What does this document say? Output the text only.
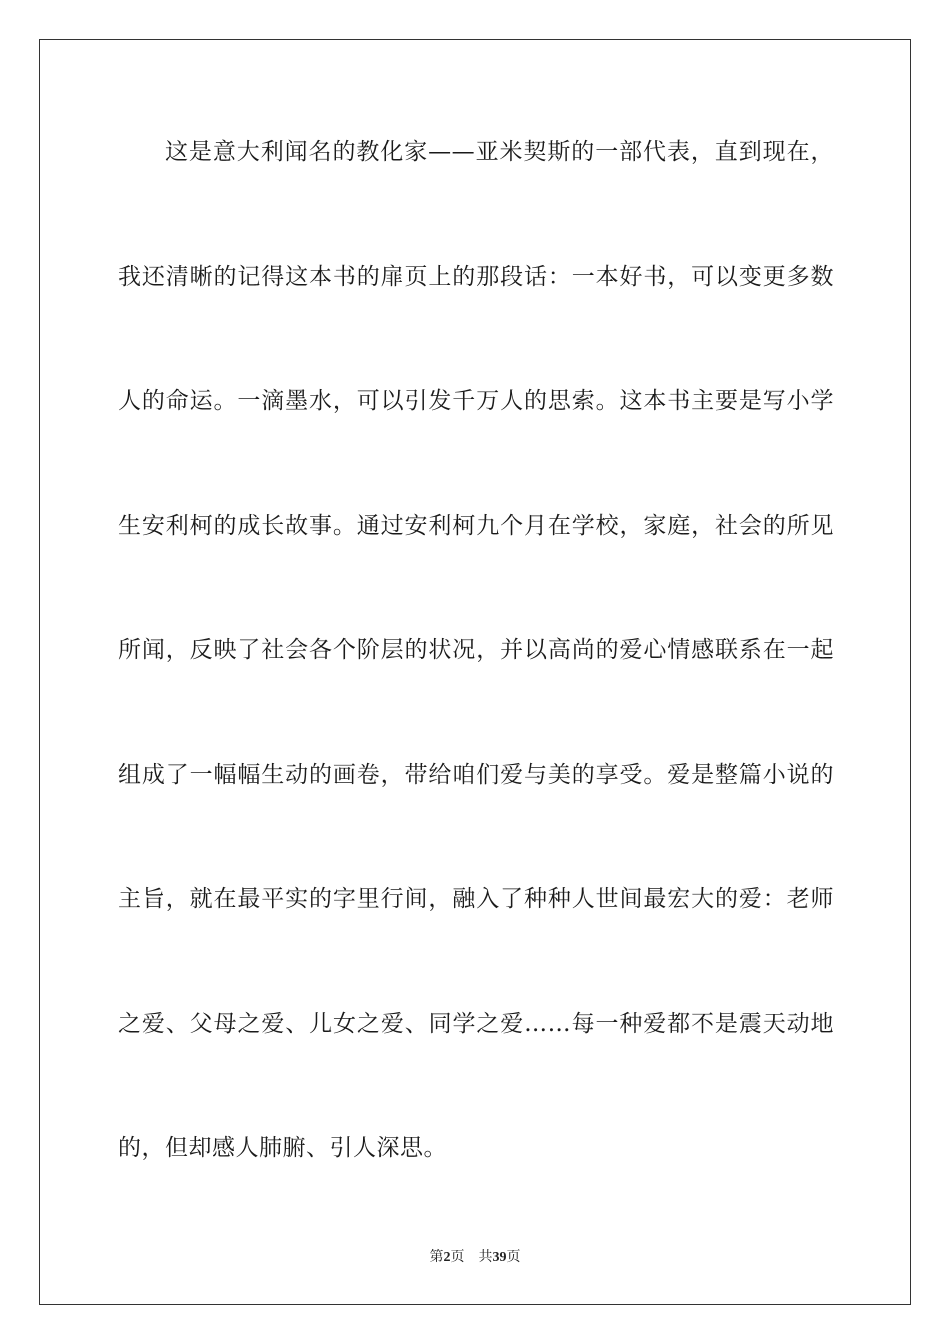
这是意大利闻名的教化家——亚米契斯的一部代表，直到现在，
我还清晰的记得这本书的扉页上的那段话：一本好书，可以变更多数
人的命运。一滴墨水，可以引发千万人的思索。这本书主要是写小学
生安利柯的成长故事。通过安利柯九个月在学校，家庭，社会的所见
所闻，反映了社会各个阶层的状况，并以高尚的爱心情感联系在一起
组成了一幅幅生动的画卷，带给咱们爱与美的享受。爱是整篇小说的
主旨，就在最平实的字里行间，融入了种种人世间最宏大的爱：老师
之爱、父母之爱、儿女之爱、同学之爱……每一种爱都不是震天动地
的，但却感人肺腑、引人深思。
第2页 共39页
